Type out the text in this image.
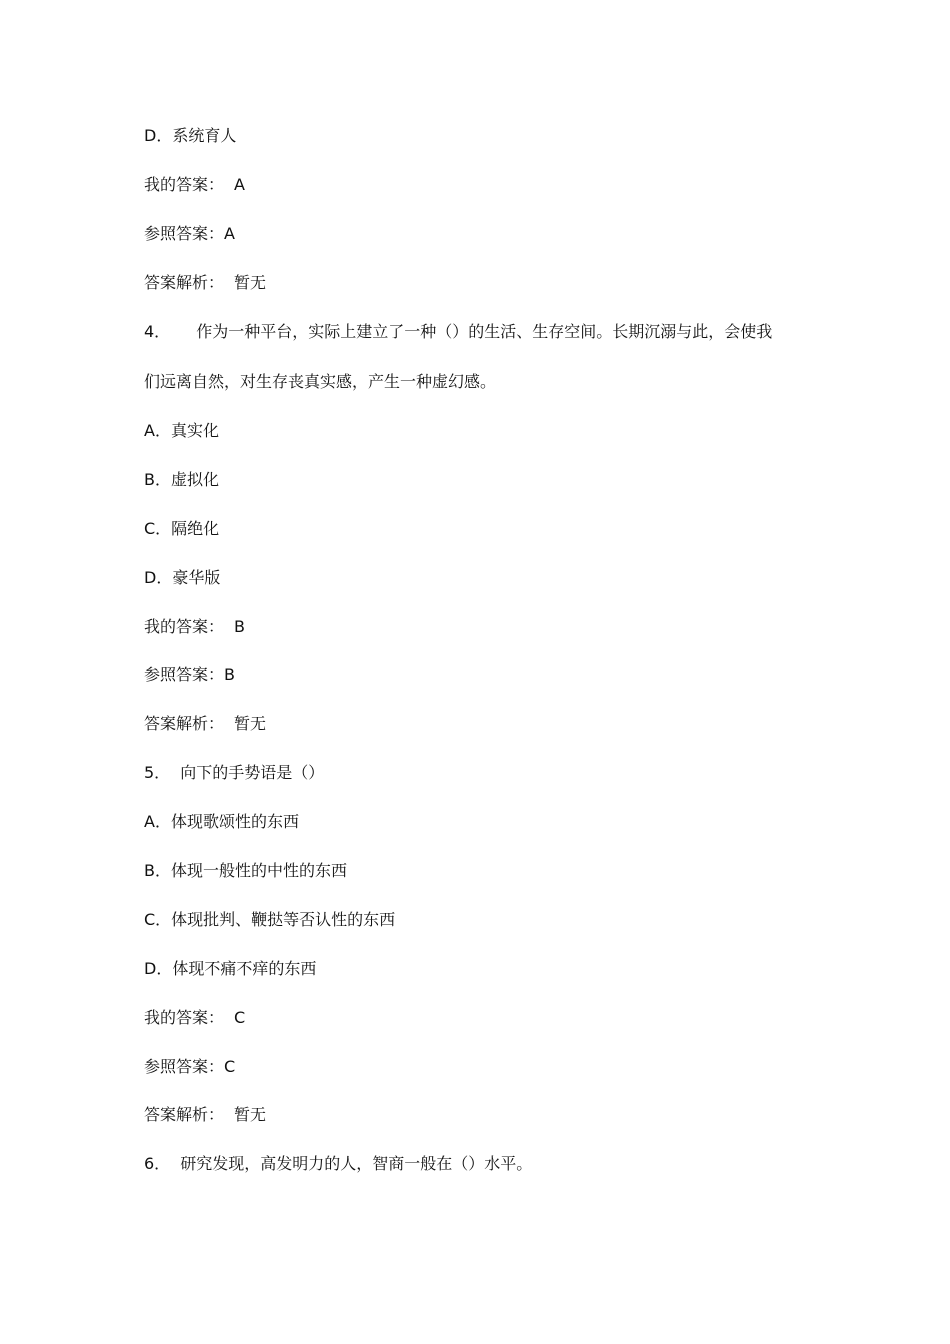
D．系统育人
我的答案： A
参照答案：A
答案解析： 暂无
4． 作为一种平台，实际上建立了一种（）的生活、生存空间。长期沉溺与此，会使我
们远离自然，对生存丧真实感，产生一种虚幻感。
A．真实化
B．虚拟化
C．隔绝化
D．豪华版
我的答案： B
参照答案：B
答案解析： 暂无
5． 向下的手势语是（）
A．体现歌颂性的东西
B．体现一般性的中性的东西
C．体现批判、鞭挞等否认性的东西
D．体现不痛不痒的东西
我的答案： C
参照答案：C
答案解析： 暂无
6． 研究发现，高发明力的人，智商一般在（）水平。
